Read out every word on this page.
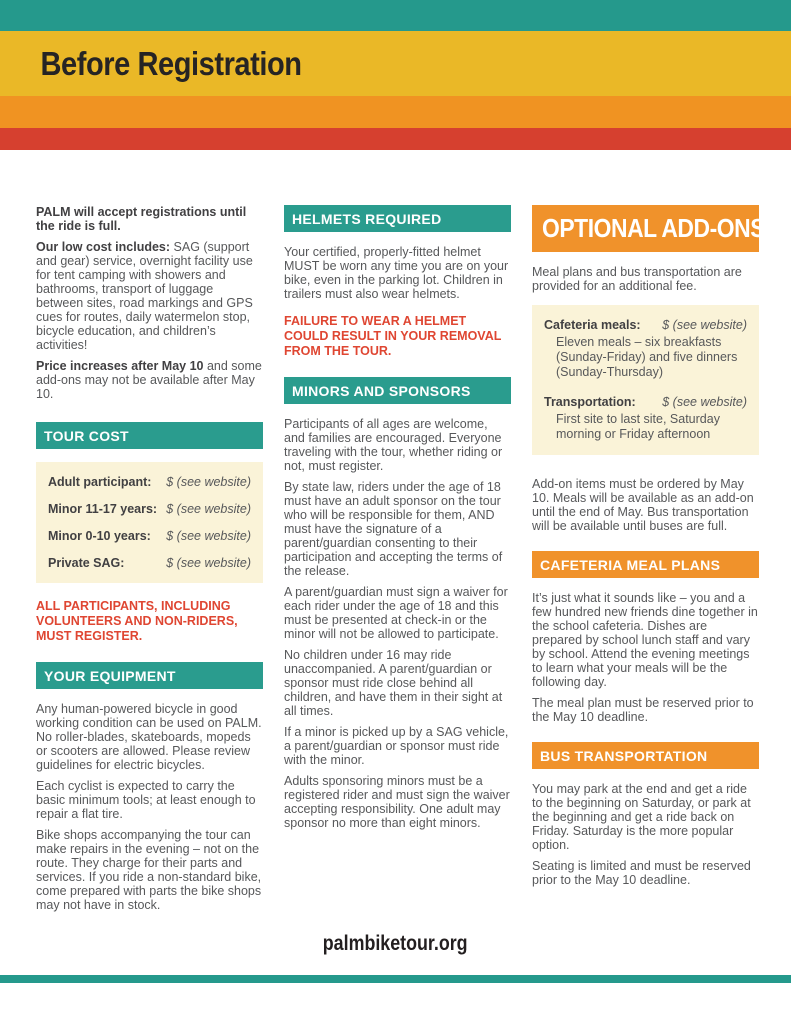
Before Registration

PALM will accept registrations until the ride is full.

Our low cost includes: SAG (support and gear) service, overnight facility use for tent camping with showers and bathrooms, transport of luggage between sites, road markings and GPS cues for routes, daily watermelon stop, bicycle education, and children’s activities!

Price increases after May 10 and some add-ons may not be available after May 10.

TOUR COST
Adult participant: $ (see website)
Minor 11-17 years: $ (see website)
Minor 0-10 years: $ (see website)
Private SAG:	$ (see website)
ALL PARTICIPANTS, INCLUDING VOLUNTEERS AND NON-RIDERS, MUST REGISTER.
YOUR EQUIPMENT

Any human-powered bicycle in good working condition can be used on PALM. No roller-blades, skateboards, mopeds or scooters are allowed. Please review guidelines for electric bicycles.

Each cyclist is expected to carry the basic minimum tools; at least enough to repair a flat tire.

Bike shops accompanying the tour can make repairs in the evening – not on the route. They charge for their parts and services. If you ride a non-standard bike, come prepared with parts the bike shops may not have in stock.

HELMETS REQUIRED

Your certified, properly-fitted helmet MUST be worn any time you are on your bike, even in the parking lot. Children in trailers must also wear helmets.

FAILURE TO WEAR A HELMET COULD RESULT IN YOUR REMOVAL FROM THE TOUR.
MINORS AND SPONSORS

Participants of all ages are welcome, and families are encouraged. Everyone traveling with the tour, whether riding or not, must register.

By state law, riders under the age of 18 must have an adult sponsor on the tour who will be responsible for them, AND must have the signature of a parent/guardian consenting to their participation and accepting the terms of the release.

A parent/guardian must sign a waiver for each rider under the age of 18 and this must be presented at check-in or the minor will not be allowed to participate.

No children under 16 may ride unaccompanied. A parent/guardian or sponsor must ride close behind all children, and have them in their sight at all times.

If a minor is picked up by a SAG vehicle, a parent/guardian or sponsor must ride with the minor.

Adults sponsoring minors must be a registered rider and must sign the waiver accepting responsibility. One adult may sponsor no more than eight minors.

OPTIONAL ADD-ONS

Meal plans and bus transportation are provided for an additional fee.

Cafeteria meals: $ (see website)
Eleven meals – six breakfasts (Sunday-Friday) and five dinners (Sunday-Thursday)
Transportation: $ (see website)
First site to last site, Saturday morning or Friday afternoon

Add-on items must be ordered by May 10. Meals will be available as an add-on until the end of May. Bus transportation will be available until buses are full.

CAFETERIA MEAL PLANS

It’s just what it sounds like – you and a few hundred new friends dine together in the school cafeteria. Dishes are prepared by school lunch staff and vary by school. Attend the evening meetings to learn what your meals will be the following day.

The meal plan must be reserved prior to the May 10 deadline.

BUS TRANSPORTATION

You may park at the end and get a ride to the beginning on Saturday, or park at the beginning and get a ride back on Friday. Saturday is the more popular option.

Seating is limited and must be reserved prior to the May 10 deadline.

palmbiketour.org
